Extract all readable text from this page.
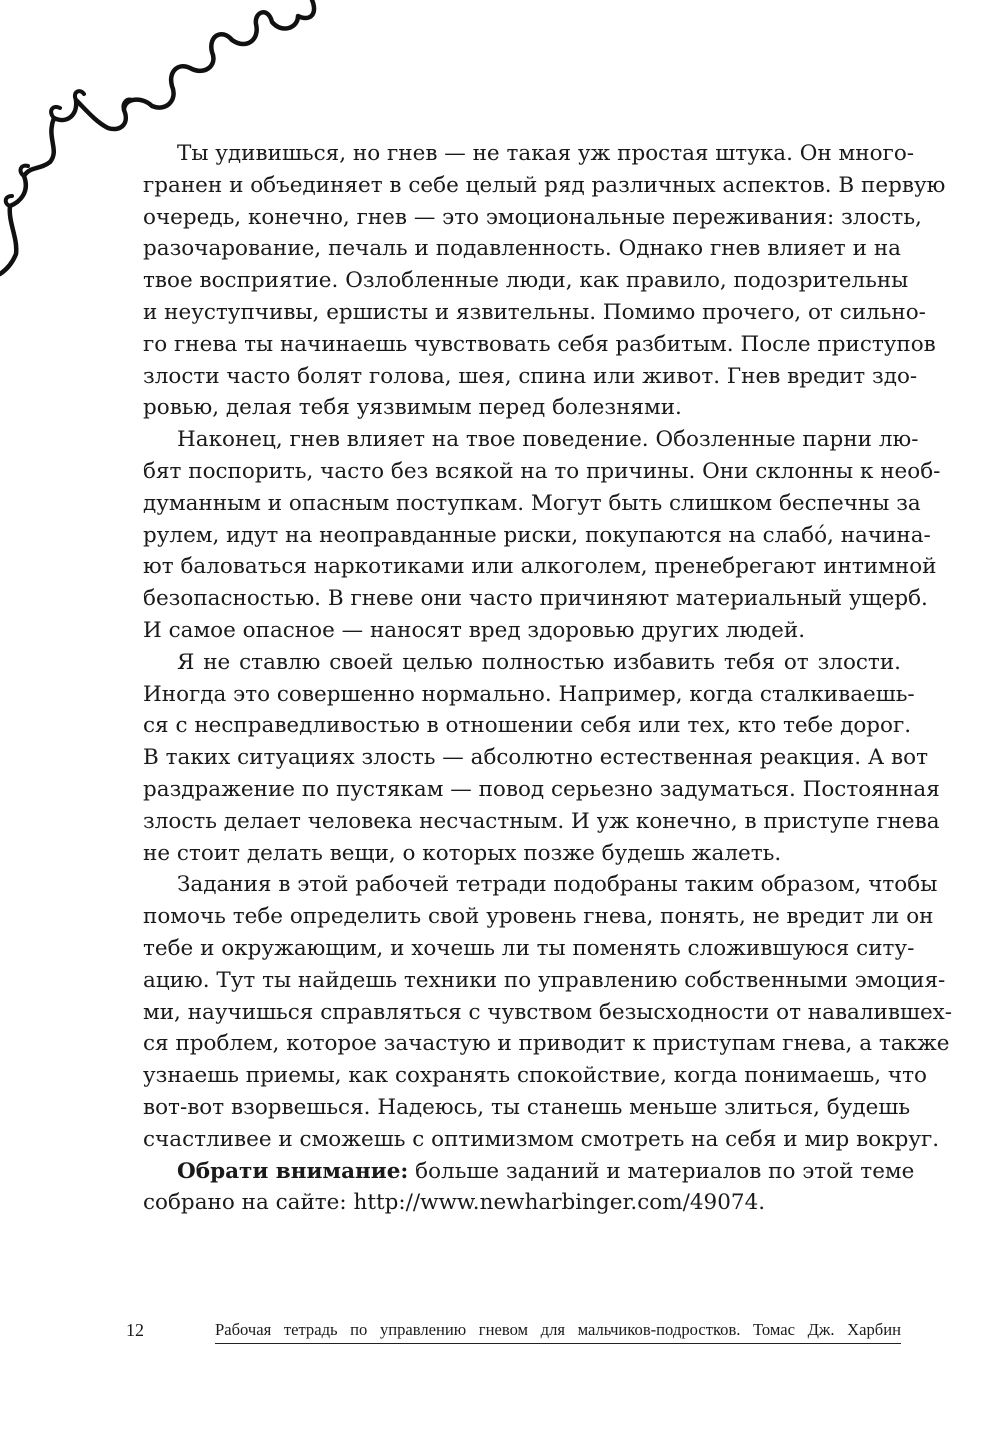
Ты удивишься, но гнев — не такая уж простая штука. Он много-
гранен и объединяет в себе целый ряд различных аспектов. В первую
очередь, конечно, гнев — это эмоциональные переживания: злость,
разочарование, печаль и подавленность. Однако гнев влияет и на
твое восприятие. Озлобленные люди, как правило, подозрительны
и неуступчивы, ершисты и язвительны. Помимо прочего, от сильно-
го гнева ты начинаешь чувствовать себя разбитым. После приступов
злости часто болят голова, шея, спина или живот. Гнев вредит здо-
ровью, делая тебя уязвимым перед болезнями.
Наконец, гнев влияет на твое поведение. Обозленные парни лю-
бят поспорить, часто без всякой на то причины. Они склонны к необ-
думанным и опасным поступкам. Могут быть слишком беспечны за
рулем, идут на неоправданные риски, покупаются на слабо́, начина-
ют баловаться наркотиками или алкоголем, пренебрегают интимной
безопасностью. В гневе они часто причиняют материальный ущерб.
И самое опасное — наносят вред здоровью других людей.
Я не ставлю своей целью полностью избавить тебя от злости.
Иногда это совершенно нормально. Например, когда сталкиваешь-
ся с несправедливостью в отношении себя или тех, кто тебе дорог.
В таких ситуациях злость — абсолютно естественная реакция. А вот
раздражение по пустякам — повод серьезно задуматься. Постоянная
злость делает человека несчастным. И уж конечно, в приступе гнева
не стоит делать вещи, о которых позже будешь жалеть.
Задания в этой рабочей тетради подобраны таким образом, чтобы
помочь тебе определить свой уровень гнева, понять, не вредит ли он
тебе и окружающим, и хочешь ли ты поменять сложившуюся ситу-
ацию. Тут ты найдешь техники по управлению собственными эмоция-
ми, научишься справляться с чувством безысходности от навалившех-
ся проблем, которое зачастую и приводит к приступам гнева, а также
узнаешь приемы, как сохранять спокойствие, когда понимаешь, что
вот-вот взорвешься. Надеюсь, ты станешь меньше злиться, будешь
счастливее и сможешь с оптимизмом смотреть на себя и мир вокруг.
Обрати внимание: больше заданий и материалов по этой теме
собрано на сайте: http://www.newharbinger.com/49074.
12	Рабочая тетрадь по управлению гневом для мальчиков-подростков. Томас Дж. Харбин
